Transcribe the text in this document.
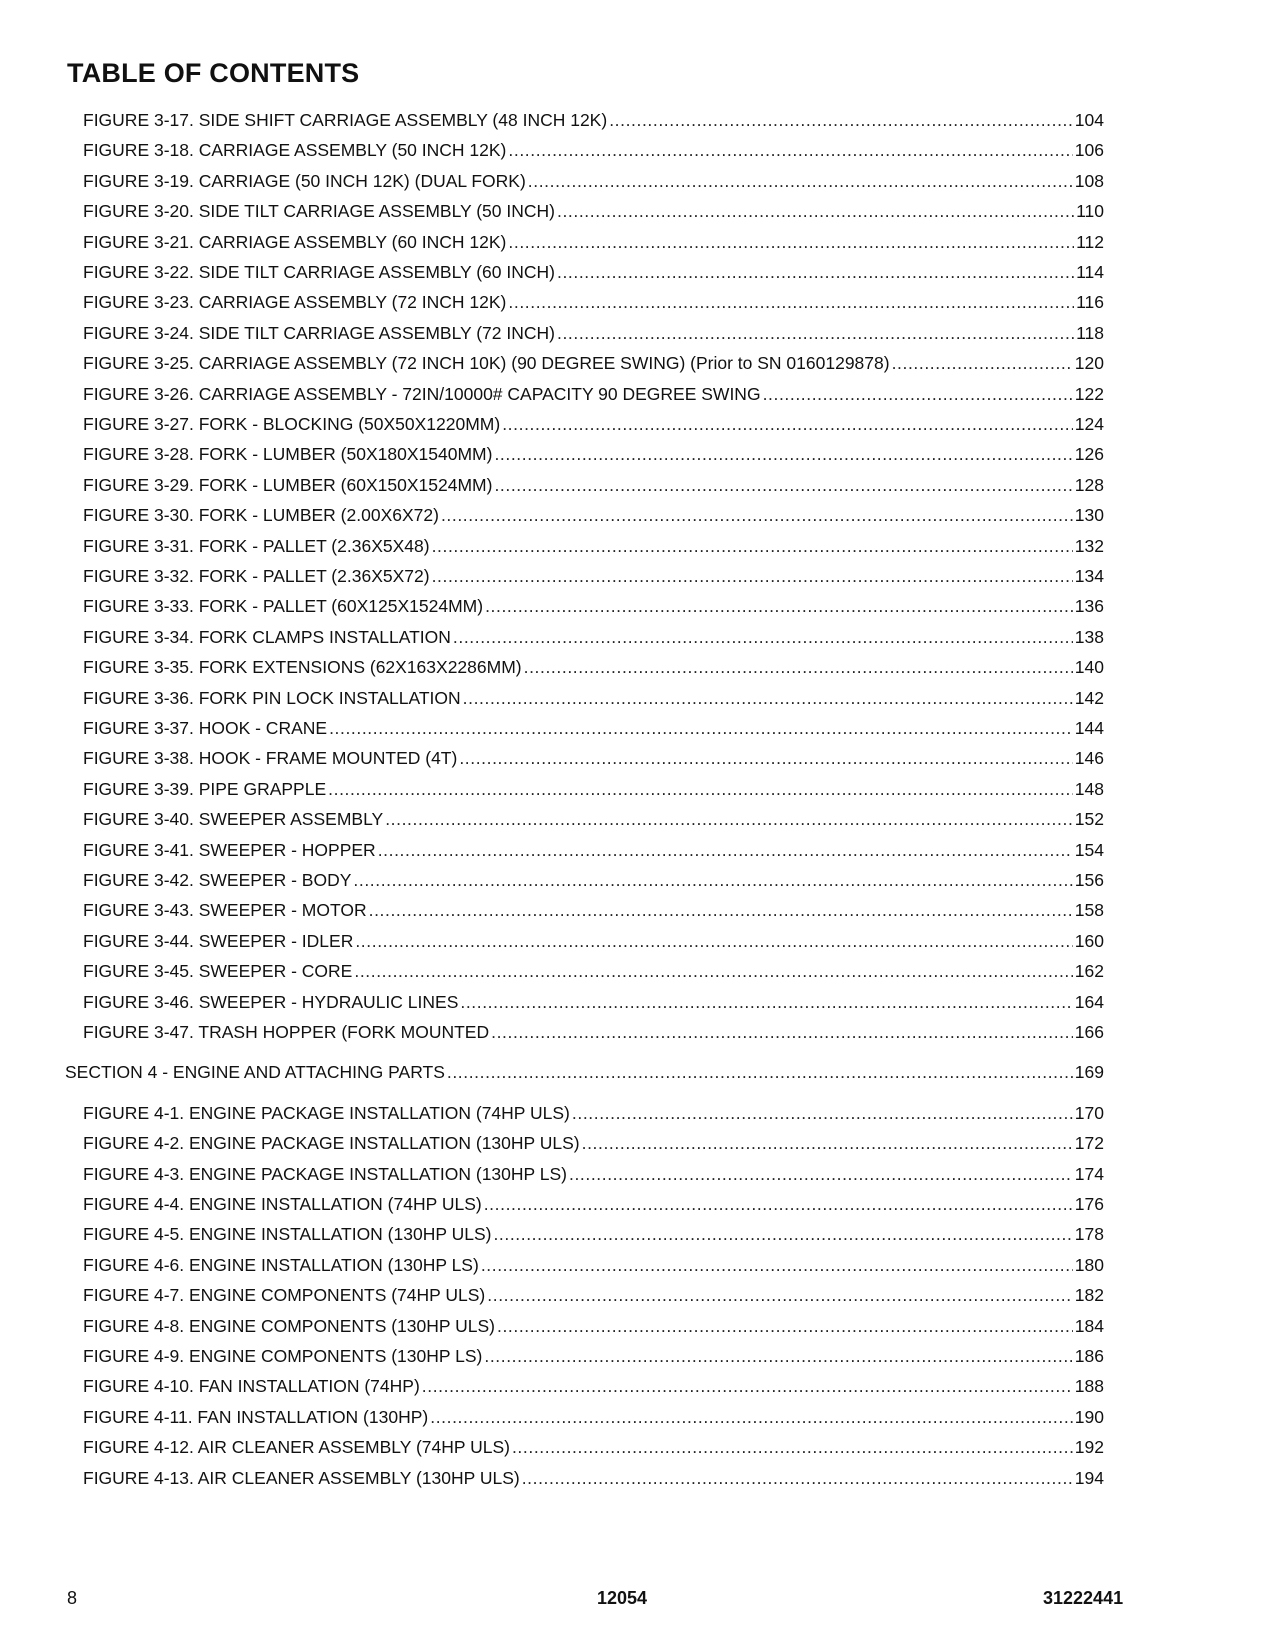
TABLE OF CONTENTS
FIGURE 3-17. SIDE SHIFT CARRIAGE ASSEMBLY (48 INCH 12K) .....	104
FIGURE 3-18. CARRIAGE ASSEMBLY (50 INCH 12K) .....	106
FIGURE 3-19. CARRIAGE (50 INCH 12K) (DUAL FORK) .....	108
FIGURE 3-20. SIDE TILT CARRIAGE ASSEMBLY (50 INCH) .....	110
FIGURE 3-21. CARRIAGE ASSEMBLY (60 INCH 12K) .....	112
FIGURE 3-22. SIDE TILT CARRIAGE ASSEMBLY (60 INCH) .....	114
FIGURE 3-23. CARRIAGE ASSEMBLY (72 INCH 12K) .....	116
FIGURE 3-24. SIDE TILT CARRIAGE ASSEMBLY (72 INCH) .....	118
FIGURE 3-25. CARRIAGE ASSEMBLY (72 INCH 10K) (90 DEGREE SWING) (Prior to SN 0160129878) .....	120
FIGURE 3-26. CARRIAGE ASSEMBLY - 72IN/10000# CAPACITY 90 DEGREE SWING .....	122
FIGURE 3-27. FORK - BLOCKING (50X50X1220MM) .....	124
FIGURE 3-28. FORK - LUMBER (50X180X1540MM) .....	126
FIGURE 3-29. FORK - LUMBER (60X150X1524MM) .....	128
FIGURE 3-30. FORK - LUMBER (2.00X6X72) .....	130
FIGURE 3-31. FORK - PALLET (2.36X5X48) .....	132
FIGURE 3-32. FORK - PALLET (2.36X5X72) .....	134
FIGURE 3-33. FORK - PALLET (60X125X1524MM) .....	136
FIGURE 3-34. FORK CLAMPS INSTALLATION .....	138
FIGURE 3-35. FORK EXTENSIONS (62X163X2286MM) .....	140
FIGURE 3-36. FORK PIN LOCK INSTALLATION .....	142
FIGURE 3-37. HOOK - CRANE .....	144
FIGURE 3-38. HOOK - FRAME MOUNTED (4T) .....	146
FIGURE 3-39. PIPE GRAPPLE .....	148
FIGURE 3-40. SWEEPER ASSEMBLY .....	152
FIGURE 3-41. SWEEPER - HOPPER .....	154
FIGURE 3-42. SWEEPER - BODY .....	156
FIGURE 3-43. SWEEPER - MOTOR .....	158
FIGURE 3-44. SWEEPER - IDLER .....	160
FIGURE 3-45. SWEEPER - CORE .....	162
FIGURE 3-46. SWEEPER - HYDRAULIC LINES .....	164
FIGURE 3-47. TRASH HOPPER (FORK MOUNTED .....	166
SECTION 4 - ENGINE AND ATTACHING PARTS .....	169
FIGURE 4-1. ENGINE PACKAGE INSTALLATION (74HP ULS) .....	170
FIGURE 4-2. ENGINE PACKAGE INSTALLATION (130HP ULS) .....	172
FIGURE 4-3. ENGINE PACKAGE INSTALLATION (130HP LS) .....	174
FIGURE 4-4. ENGINE INSTALLATION (74HP ULS) .....	176
FIGURE 4-5. ENGINE INSTALLATION (130HP ULS) .....	178
FIGURE 4-6. ENGINE INSTALLATION (130HP LS) .....	180
FIGURE 4-7. ENGINE COMPONENTS (74HP ULS) .....	182
FIGURE 4-8. ENGINE COMPONENTS (130HP ULS) .....	184
FIGURE 4-9. ENGINE COMPONENTS (130HP LS) .....	186
FIGURE 4-10. FAN INSTALLATION (74HP) .....	188
FIGURE 4-11. FAN INSTALLATION (130HP) .....	190
FIGURE 4-12. AIR CLEANER ASSEMBLY (74HP ULS) .....	192
FIGURE 4-13. AIR CLEANER ASSEMBLY (130HP ULS) .....	194
8	12054	31222441
